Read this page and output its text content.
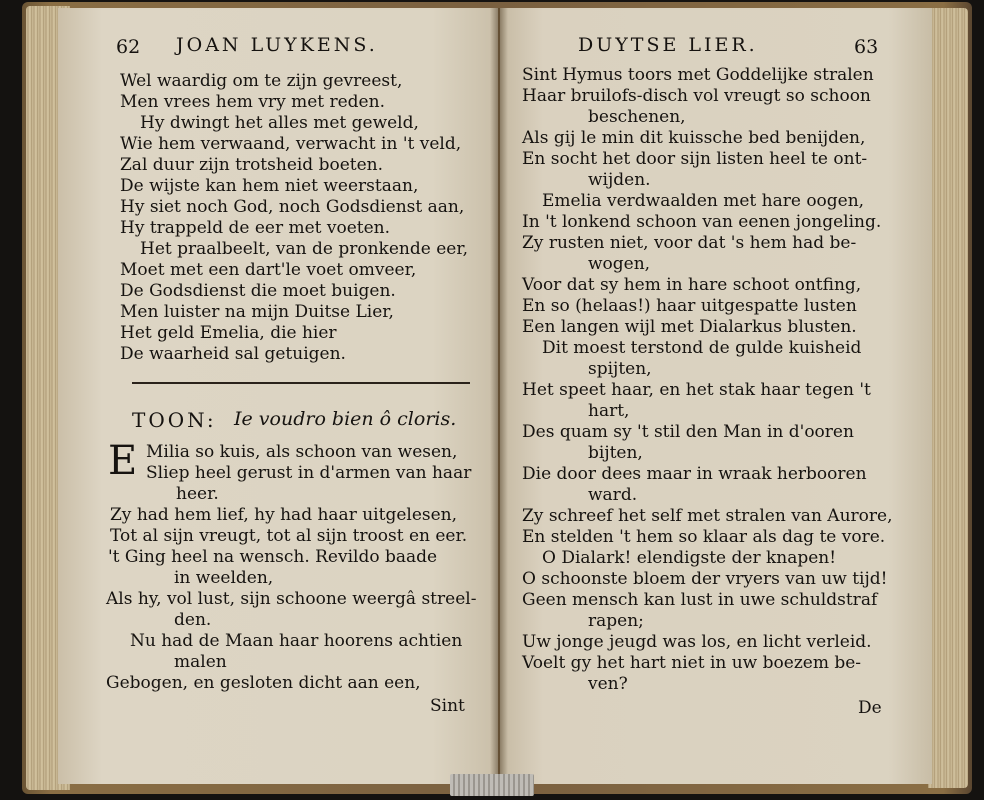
62 JOAN LUYKENS.
Wel waardig om te zijn gevreest,
Men vrees hem vry met reden.
Hy dwingt het alles met geweld,
Wie hem verwaand, verwacht in 't veld,
Zal duur zijn trotsheid boeten.
De wijste kan hem niet weerstaan,
Hy siet noch God, noch Godsdienst aan,
Hy trappeld de eer met voeten.
Het praalbeelt, van de pronkende eer,
Moet met een dart'le voet omveer,
De Godsdienst die moet buigen.
Men luister na mijn Duitse Lier,
Het geld Emelia, die hier
De waarheid sal getuigen.
TOON: Ie voudro bien ô cloris.
E Milia so kuis, als schoon van wesen,
Sliep heel gerust in d'armen van haar
heer.
Zy had hem lief, hy had haar uitgelesen,
Tot al sijn vreugt, tot al sijn troost en eer.
't Ging heel na wensch. Revildo baade
in weelden,
Als hy, vol lust, sijn schoone weergâ streel-
den.
Nu had de Maan haar hoorens achtien
malen
Gebogen, en gesloten dicht aan een,
Sint
DUYTSE LIER.	63
Sint Hymus toors met Goddelijke stralen
Haar bruilofs-disch vol vreugt so schoon
beschenen,
Als gij le min dit kuissche bed benijden,
En socht het door sijn listen heel te ont-
wijden.
Emelia verdwaalden met hare oogen,
In 't lonkend schoon van eenen jongeling.
Zy rusten niet, voor dat 's hem had be-
wogen,
Voor dat sy hem in hare schoot ontfing,
En so (helaas!) haar uitgespatte lusten
Een langen wijl met Dialarkus blusten.
Dit moest terstond de gulde kuisheid
spijten,
Het speet haar, en het stak haar tegen 't
hart,
Des quam sy 't stil den Man in d'ooren
bijten,
Die door dees maar in wraak herbooren
ward.
Zy schreef het self met stralen van Aurore,
En stelden 't hem so klaar als dag te vore.
O Dialark! elendigste der knapen!
O schoonste bloem der vryers van uw tijd!
Geen mensch kan lust in uwe schuldstraf
rapen;
Uw jonge jeugd was los, en licht verleid.
Voelt gy het hart niet in uw boezem be-
ven?
De
